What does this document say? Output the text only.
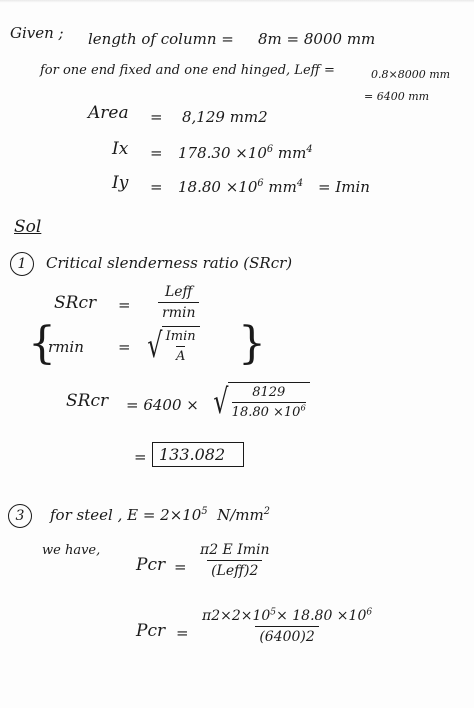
Given ; length of column = 8m = 8000 mm
for one end fixed and one end hinged, Leff =	0.8×8000 mm
= 6400 mm
Area = 8,129 mm2
$Ix = 178.30 \times 10^6$ $mm^4$
$Iy = 18.80 \times 10^6$ $mm^4 = Imin$
Sol
1	Critical slenderness ratio (SRcr)
SRcr =
Leff
rmin
{
rmin = √ Imin
A }
SRcr = 6400 × √ $\frac{8129}{18.80 \times 10^6}$
= 133.082
3	for steel , $E = 2\times 10^5$ $N/mm^2$
we have,
Pcr =
π2 E Imin
(Leff)2
Pcr = $\frac{\pi 2\times 2\times 10^5\times 18.80 \times 10^6}{(6400)2}$
